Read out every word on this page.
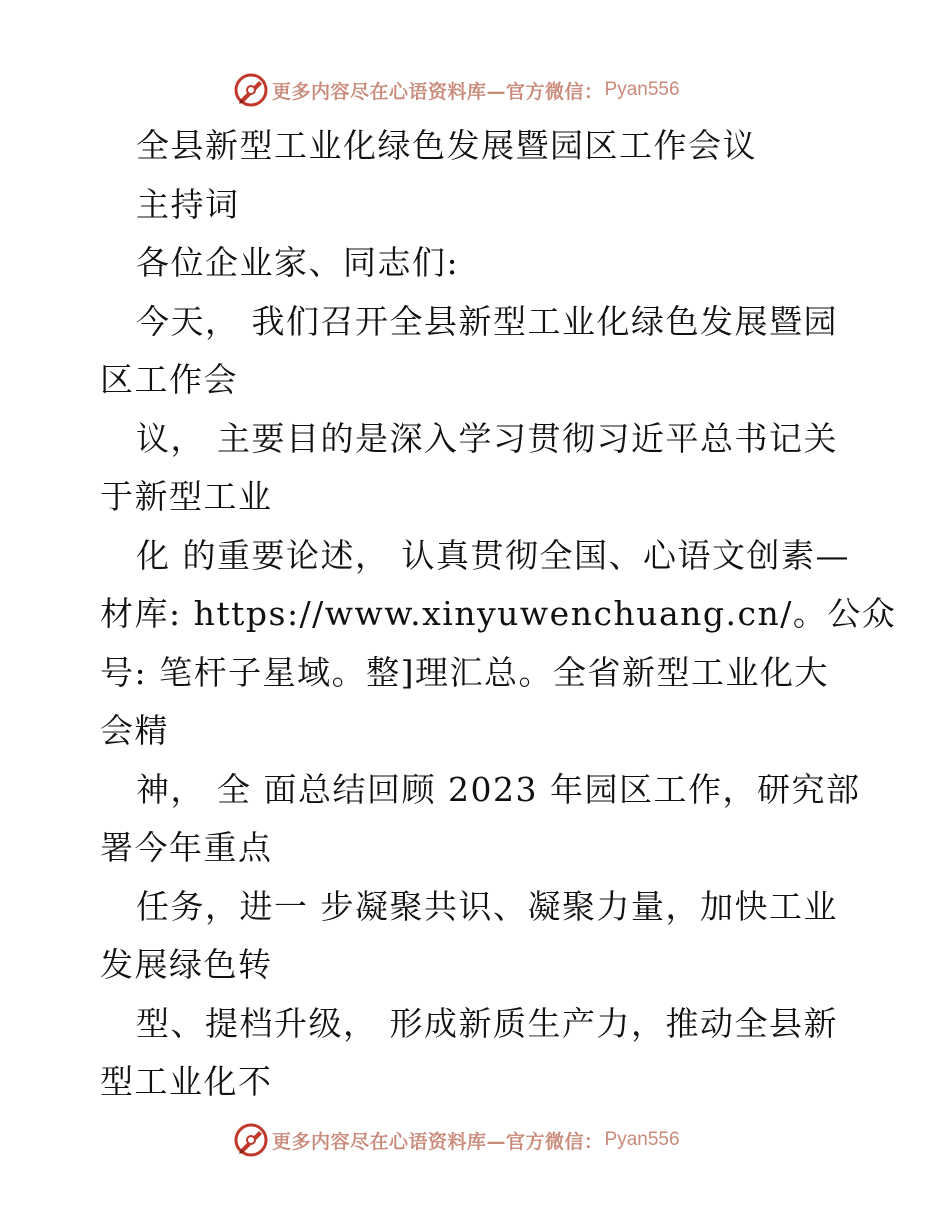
更多内容尽在心语资料库—官方微信： Pyan556
全县新型工业化绿色发展暨园区工作会议
主持词
各位企业家、同志们:
今天， 我们召开全县新型工业化绿色发展暨园
区工作会
议， 主要目的是深入学习贯彻习近平总书记关
于新型工业
化 的重要论述， 认真贯彻全国、心语文创素—
材库: https://www.xinyuwenchuang.cn/。公众
号: 笔杆子星域。整]理汇总。全省新型工业化大
会精
神， 全 面总结回顾 2023 年园区工作，研究部
署今年重点
任务，进一 步凝聚共识、凝聚力量，加快工业
发展绿色转
型、提档升级， 形成新质生产力，推动全县新
型工业化不
更多内容尽在心语资料库—官方微信： Pyan556
